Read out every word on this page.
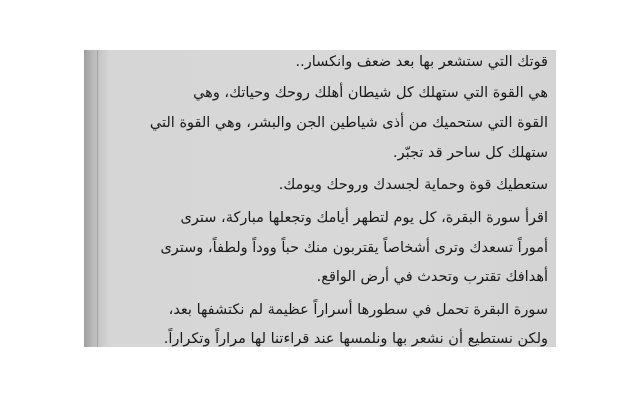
قوتك التي ستشعر بها بعد ضعف وانكسار..
هي القوة التي ستهلك كل شيطان أهلك روحك وحياتك، وهي
القوة التي ستحميك من أذى شياطين الجن والبشر، وهي القوة التي
ستهلك كل ساحر قد تجبّر.
ستعطيك قوة وحماية لجسدك وروحك ويومك.
اقرأ سورة البقرة، كل يوم لتطهر أيامك وتجعلها مباركة، سترى
أموراً تسعدك وترى أشخاصاً يقتربون منك حباً ووداً ولطفاً، وسترى
أهدافك تقترب وتحدث في أرض الواقع.
سورة البقرة تحمل في سطورها أسراراً عظيمة لم نكتشفها بعد،
ولكن نستطيع أن نشعر بها ونلمسها عند قراءتنا لها مراراً وتكراراً.
